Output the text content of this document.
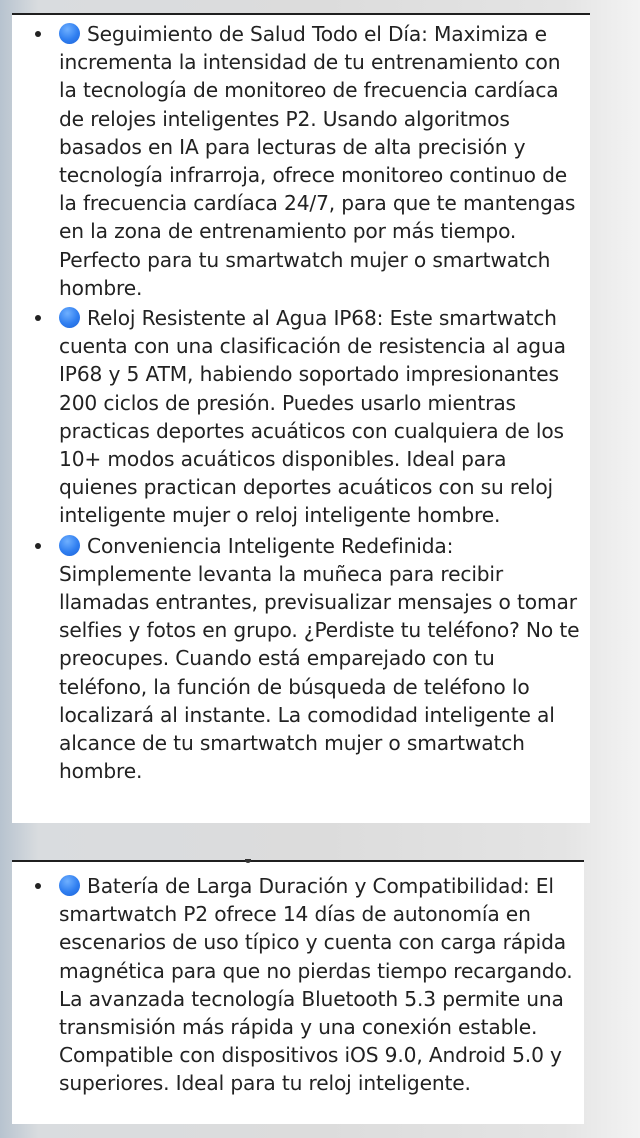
Seguimiento de Salud Todo el Día: Maximiza e incrementa la intensidad de tu entrenamiento con la tecnología de monitoreo de frecuencia cardíaca de relojes inteligentes P2. Usando algoritmos basados en IA para lecturas de alta precisión y tecnología infrarroja, ofrece monitoreo continuo de la frecuencia cardíaca 24/7, para que te mantengas en la zona de entrenamiento por más tiempo. Perfecto para tu smartwatch mujer o smartwatch hombre.
Reloj Resistente al Agua IP68: Este smartwatch cuenta con una clasificación de resistencia al agua IP68 y 5 ATM, habiendo soportado impresionantes 200 ciclos de presión. Puedes usarlo mientras practicas deportes acuáticos con cualquiera de los 10+ modos acuáticos disponibles. Ideal para quienes practican deportes acuáticos con su reloj inteligente mujer o reloj inteligente hombre.
Conveniencia Inteligente Redefinida: Simplemente levanta la muñeca para recibir llamadas entrantes, previsualizar mensajes o tomar selfies y fotos en grupo. ¿Perdiste tu teléfono? No te preocupes. Cuando está emparejado con tu teléfono, la función de búsqueda de teléfono lo localizará al instante. La comodidad inteligente al alcance de tu smartwatch mujer o smartwatch hombre.
Batería de Larga Duración y Compatibilidad: El smartwatch P2 ofrece 14 días de autonomía en escenarios de uso típico y cuenta con carga rápida magnética para que no pierdas tiempo recargando. La avanzada tecnología Bluetooth 5.3 permite una transmisión más rápida y una conexión estable. Compatible con dispositivos iOS 9.0, Android 5.0 y superiores. Ideal para tu reloj inteligente.
